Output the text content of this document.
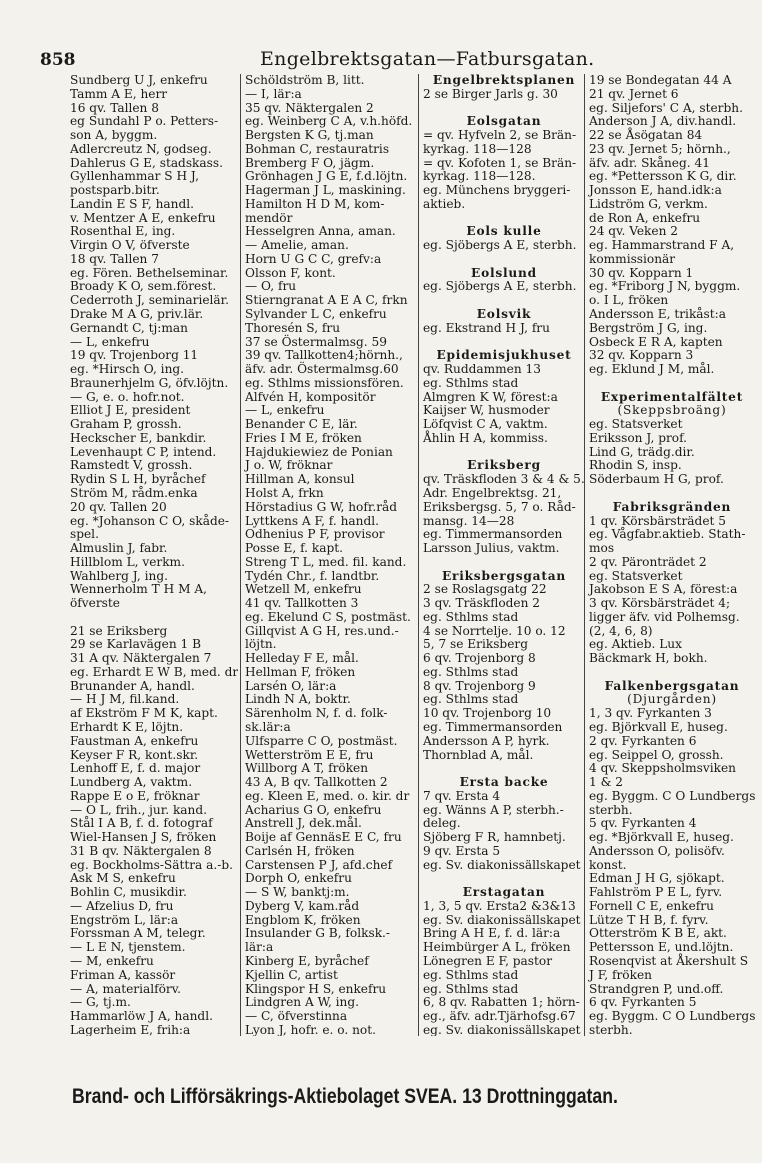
858	Engelbrektsgatan—Fatbursgatan.
Sundberg U J, enkefru
Tamm A E, herr
16 qv. Tallen 8
eg Sundahl P o. Petters-
son A, byggm.
Adlercreutz N, godseg.
Dahlerus G E, stadskass.
Gyllenhammar S H J,
postsparb.bitr.
Landin E S F, handl.
v. Mentzer A E, enkefru
Rosenthal E, ing.
Virgin O V, öfverste
18 qv. Tallen 7
eg. Fören. Bethelseminar.
Broady K O, sem.förest.
Cederroth J, seminarielär.
Drake M A G, priv.lär.
Gernandt C, tj:man
— L, enkefru
19 qv. Trojenborg 11
eg. *Hirsch O, ing.
Braunerhjelm G, öfv.löjtn.
— G, e. o. hofr.not.
Elliot J E, president
Graham P, grossh.
Heckscher E, bankdir.
Levenhaupt C P, intend.
Ramstedt V, grossh.
Rydin S L H, byråchef
Ström M, rådm.enka
20 qv. Tallen 20
eg. *Johanson C O, skåde-
spel.
Almuslin J, fabr.
Hillblom L, verkm.
Wahlberg J, ing.
Wennerholm T H M A,
öfverste
21 se Eriksberg
29 se Karlavägen 1 B
31 A qv. Näktergalen 7
eg. Erhardt E W B, med. dr
Brunander A, handl.
— H J M, fil.kand.
af Ekström F M K, kapt.
Erhardt K E, löjtn.
Faustman A, enkefru
Keyser F R, kont.skr.
Lenhoff E, f. d. major
Lundberg A, vaktm.
Rappe E o E, fröknar
— O L, frih., jur. kand.
Stål I A B, f. d. fotograf
Wiel-Hansen J S, fröken
31 B qv. Näktergalen 8
eg. Bockholms-Sättra a.-b.
Ask M S, enkefru
Bohlin C, musikdir.
— Afzelius D, fru
Engström L, lär:a
Forssman A M, telegr.
— L E N, tjenstem.
— M, enkefru
Friman A, kassör
— A, materialförv.
— G, tj.m.
Hammarlöw J A, handl.
Lagerheim E, frih:a
Schöldström B, litt.
— I, lär:a
35 qv. Näktergalen 2
eg. Weinberg C A, v.h.höfd.
Bergsten K G, tj.man
Bohman C, restauratris
Bremberg F O, jägm.
Grönhagen J G E, f.d.löjtn.
Hagerman J L, maskining.
Hamilton H D M, kom-
mendör
Hesselgren Anna, aman.
— Amelie, aman.
Horn U G C C, grefv:a
Olsson F, kont.
— O, fru
Stierngranat A E A C, frkn
Sylvander L C, enkefru
Thoresén S, fru
37 se Östermalmsg. 59
39 qv. Tallkotten4;hörnh.,
äfv. adr. Östermalmsg.60
eg. Sthlms missionsfören.
Alfvén H, kompositör
— L, enkefru
Benander C E, lär.
Fries I M E, fröken
Hajdukiewiez de Ponian
J o. W, fröknar
Hillman A, konsul
Holst A, frkn
Hörstadius G W, hofr.råd
Lyttkens A F, f. handl.
Odhenius P F, provisor
Posse E, f. kapt.
Streng T L, med. fil. kand.
Tydén Chr., f. landtbr.
Wetzell M, enkefru
41 qv. Tallkotten 3
eg. Ekelund C S, postmäst.
Gillqvist A G H, res.und.-
löjtn.
Helleday F E, mål.
Hellman F, fröken
Larsén O, lär:a
Lindh N A, boktr.
Särenholm N, f. d. folk-
sk.lär:a
Ulfsparre C O, postmäst.
Wetterström E E, fru
Willborg A T, fröken
43 A, B qv. Tallkotten 2
eg. Kleen E, med. o. kir. dr
Acharius G O, enkefru
Anstrell J, dek.mål.
Boije af GennäsE E C, fru
Carlsén H, fröken
Carstensen P J, afd.chef
Dorph O, enkefru
— S W, banktj:m.
Dyberg V, kam.råd
Engblom K, fröken
Insulander G B, folksk.-
lär:a
Kinberg E, byråchef
Kjellin C, artist
Klingspor H S, enkefru
Lindgren A W, ing.
— C, öfverstinna
Lyon J, hofr. e. o. not.
Engelbrektsplanen
2 se Birger Jarls g. 30
Eolsgatan
= qv. Hyfveln 2, se Brän-
kyrkag. 118—128
= qv. Kofoten 1, se Brän-
kyrkag. 118—128.
eg. Münchens bryggeri-
aktieb.
Eols kulle
eg. Sjöbergs A E, sterbh.
Eolslund
eg. Sjöbergs A E, sterbh.
Eolsvik
eg. Ekstrand H J, fru
Epidemisjukhuset
qv. Ruddammen 13
eg. Sthlms stad
Almgren K W, förest:a
Kaijser W, husmoder
Löfqvist C A, vaktm.
Åhlin H A, kommiss.
Eriksberg
qv. Träskfloden 3 & 4 & 5.
Adr. Engelbrektsg. 21,
Eriksbergsg. 5, 7 o. Råd-
mansg. 14—28
eg. Timmermansorden
Larsson Julius, vaktm.
Eriksbergsgatan
2 se Roslagsgatg 22
3 qv. Träskfloden 2
eg. Sthlms stad
4 se Norrtelje. 10 o. 12
5, 7 se Eriksberg
6 qv. Trojenborg 8
eg. Sthlms stad
8 qv. Trojenborg 9
eg. Sthlms stad
10 qv. Trojenborg 10
eg. Timmermansorden
Andersson A P, hyrk.
Thornblad A, mål.
Ersta backe
7 qv. Ersta 4
eg. Wänns A P, sterbh.-
deleg.
Sjöberg F R, hamnbetj.
9 qv. Ersta 5
eg. Sv. diakonissällskapet
Erstagatan
1, 3, 5 qv. Ersta2 &3&13
eg. Sv. diakonissällskapet
Bring A H E, f. d. lär:a
Heimbürger A L, fröken
Lönegren E F, pastor
eg. Sthlms stad
eg. Sthlms stad
6, 8 qv. Rabatten 1; hörn-
eg., äfv. adr.Tjärhofsg.67
eg. Sv. diakonissällskapet
19 se Bondegatan 44 A
21 qv. Jernet 6
eg. Siljefors' C A, sterbh.
Anderson J A, div.handl.
22 se Åsögatan 84
23 qv. Jernet 5; hörnh.,
äfv. adr. Skåneg. 41
eg. *Pettersson K G, dir.
Jonsson E, hand.idk:a
Lidström G, verkm.
de Ron A, enkefru
24 qv. Veken 2
eg. Hammarstrand F A,
kommissionär
30 qv. Kopparn 1
eg. *Friborg J N, byggm.
o. I L, fröken
Andersson E, trikåst:a
Bergström J G, ing.
Osbeck E R A, kapten
32 qv. Kopparn 3
eg. Eklund J M, mål.
Experimentalfältet
(Skeppsbroäng)
eg. Statsverket
Eriksson J, prof.
Lind G, trädg.dir.
Rhodin S, insp.
Söderbaum H G, prof.
Fabriksgränden
1 qv. Körsbärsträdet 5
eg. Vågfabr.aktieb. Stath-
mos
2 qv. Päronträdet 2
eg. Statsverket
Jakobson E S A, förest:a
3 qv. Körsbärsträdet 4;
ligger äfv. vid Polhemsg.
(2, 4, 6, 8)
eg. Aktieb. Lux
Bäckmark H, bokh.
Falkenbergsgatan
(Djurgården)
1, 3 qv. Fyrkanten 3
eg. Björkvall E, huseg.
2 qv. Fyrkanten 6
eg. Seippel O, grossh.
4 qv. Skeppsholmsviken
1 & 2
eg. Byggm. C O Lundbergs
sterbh.
5 qv. Fyrkanten 4
eg. *Björkvall E, huseg.
Andersson O, polisöfv.
konst.
Edman J H G, sjökapt.
Fahlström P E L, fyrv.
Fornell C E, enkefru
Lütze T H B, f. fyrv.
Otterström K B E, akt.
Pettersson E, und.löjtn.
Rosenqvist at Åkershult S
J F, fröken
Strandgren P, und.off.
6 qv. Fyrkanten 5
eg. Byggm. C O Lundbergs
sterbh.
Brand- och Lifförsäkrings-Aktiebolaget SVEA. 13 Drottninggatan.
